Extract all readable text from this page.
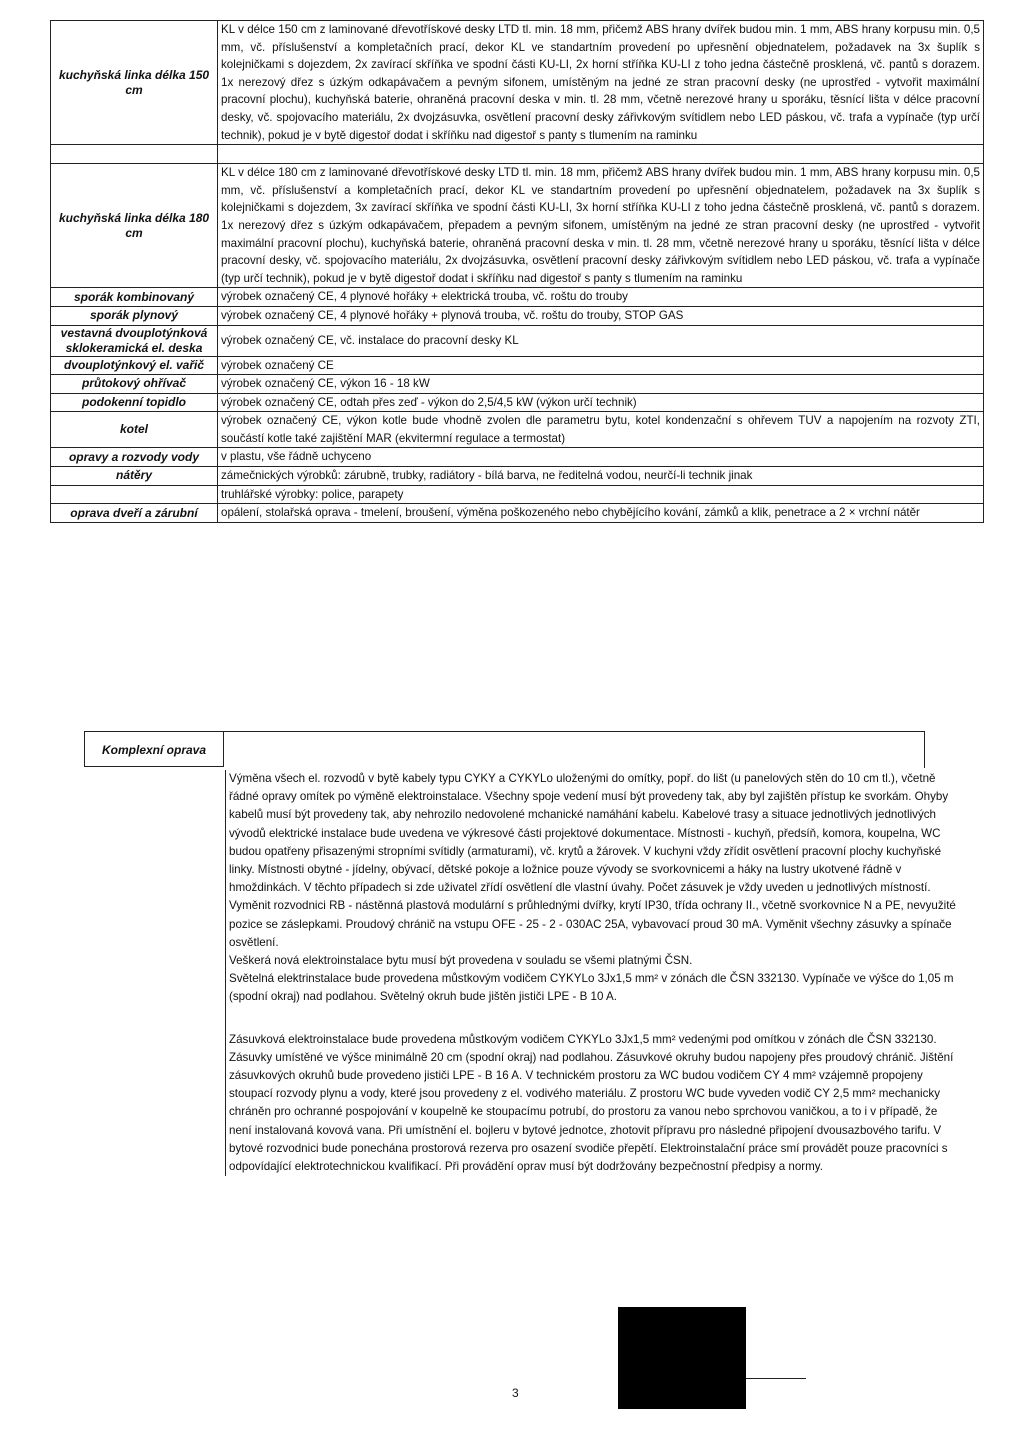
kuchyňská linka délka 150 cm	KL v délce 150 cm z laminované dřevotřískové desky LTD tl. min. 18 mm, přičemž ABS hrany dvířek budou min. 1 mm, ABS hrany korpusu min. 0,5 mm, vč. příslušenství a kompletačních prací, dekor KL ve standartním provedení po upřesnění objednatelem, požadavek na 3x šuplík s kolejničkami s dojezdem, 2x zavírací skříňka ve spodní části KU-LI, 2x horní stříňka KU-LI z toho jedna částečně prosklená, vč. pantů s dorazem. 1x nerezový dřez s úzkým odkapávačem a pevným sifonem, umístěným na jedné ze stran pracovní desky (ne uprostřed - vytvořit maximální pracovní plochu), kuchyňská baterie, ohraněná pracovní deska v min. tl. 28 mm, včetně nerezové hrany u sporáku, těsnící lišta v délce pracovní desky, vč. spojovacího materiálu, 2x dvojzásuvka, osvětlení pracovní desky zářivkovým svítidlem nebo LED páskou, vč. trafa a vypínače (typ určí technik), pokud je v bytě digestoř dodat i skříňku nad digestoř s panty s tlumením na raminku

kuchyňská linka délka 180 cm	KL v délce 180 cm z laminované dřevotřískové desky LTD tl. min. 18 mm, přičemž ABS hrany dvířek budou min. 1 mm, ABS hrany korpusu min. 0,5 mm, vč. příslušenství a kompletačních prací, dekor KL ve standartním provedení po upřesnění objednatelem, požadavek na 3x šuplík s kolejničkami s dojezdem, 3x zavírací skříňka ve spodní části KU-LI, 3x horní stříňka KU-LI z toho jedna částečně prosklená, vč. pantů s dorazem. 1x nerezový dřez s úzkým odkapávačem, přepadem a pevným sifonem, umístěným na jedné ze stran pracovní desky (ne uprostřed - vytvořit maximální pracovní plochu), kuchyňská baterie, ohraněná pracovní deska v min. tl. 28 mm, včetně nerezové hrany u sporáku, těsnící lišta v délce pracovní desky, vč. spojovacího materiálu, 2x dvojzásuvka, osvětlení pracovní desky zářivkovým svítidlem nebo LED páskou, vč. trafa a vypínače (typ určí technik), pokud je v bytě digestoř dodat i skříňku nad digestoř s panty s tlumením na raminku
sporák kombinovaný	výrobek označený CE, 4 plynové hořáky + elektrická trouba, vč. roštu do trouby
sporák plynový	výrobek označený CE, 4 plynové hořáky + plynová trouba, vč. roštu do trouby, STOP GAS
vestavná dvouplotýnková sklokeramická el. deska	výrobek označený CE, vč. instalace do pracovní desky KL
dvouplotýnkový el. vařič	výrobek označený CE
průtokový ohřívač	výrobek označený CE, výkon 16 - 18 kW
podokenní topidlo	výrobek označený CE, odtah přes zeď - výkon do 2,5/4,5 kW (výkon určí technik)
kotel	výrobek označený CE, výkon kotle bude vhodně zvolen dle parametru bytu, kotel kondenzační s ohřevem TUV a napojením na rozvoty ZTI, součástí kotle také zajištění MAR (ekvitermní regulace a termostat)
opravy a rozvody vody	v plastu, vše řádně uchyceno
nátěry	zámečnických výrobků: zárubně, trubky, radiátory - bílá barva, ne ředitelná vodou, neurčí-li technik jinak
	truhlářské výrobky: police, parapety
oprava dveří a zárubní	opálení, stolařská oprava - tmelení, broušení, výměna poškozeného nebo chybějícího kování, zámků a klik, penetrace a 2 × vrchní nátěr
Komplexní oprava

Výměna všech el. rozvodů v bytě kabely typu CYKY a CYKYLo uloženými do omítky, popř. do lišt (u panelových stěn do 10 cm tl.), včetně řádné opravy omítek po výměně elektroinstalace. Všechny spoje vedení musí být provedeny tak, aby byl zajištěn přístup ke svorkám. Ohyby kabelů musí být provedeny tak, aby nehrozilo nedovolené mchanické namáhání kabelu. Kabelové trasy a situace jednotlivých jednotlivých vývodů elektrické instalace bude uvedena ve výkresové části projektové dokumentace. Místnosti - kuchyň, předsíň, komora, koupelna, WC budou opatřeny přisazenými stropními svítidly (armaturami), vč. krytů a žárovek. V kuchyni vždy zřídit osvětlení pracovní plochy kuchyňské linky. Místnosti obytné - jídelny, obývací, dětské pokoje a ložnice pouze vývody se svorkovnicemi a háky na lustry ukotvené řádně v hmoždinkách. V těchto případech si zde uživatel zřídí osvětlení dle vlastní úvahy. Počet zásuvek je vždy uveden u jednotlivých místností. Vyměnit rozvodnici RB - nástěnná plastová modulární s průhlednými dvířky, krytí IP30, třída ochrany II., včetně svorkovnice N a PE, nevyužité pozice se záslepkami. Proudový chránič na vstupu OFE - 25 - 2 - 030AC 25A, vybavovací proud 30 mA. Vyměnit všechny zásuvky a spínače osvětlení.

Veškerá nová elektroinstalace bytu musí být provedena v souladu se všemi platnými ČSN.

Světelná elektrinstalace bude provedena můstkovým vodičem CYKYLo 3Jx1,5 mm² v zónách dle ČSN 332130. Vypínače ve výšce do 1,05 m (spodní okraj) nad podlahou. Světelný okruh bude jištěn jističi LPE - B 10 A.

Zásuvková elektroinstalace bude provedena můstkovým vodičem CYKYLo 3Jx1,5 mm² vedenými pod omítkou v zónách dle ČSN 332130. Zásuvky umístěné ve výšce minimálně 20 cm (spodní okraj) nad podlahou. Zásuvkové okruhy budou napojeny přes proudový chránič. Jištění zásuvkových okruhů bude provedeno jističi LPE - B 16 A. V technickém prostoru za WC budou vodičem CY 4 mm² vzájemně propojeny stoupací rozvody plynu a vody, které jsou provedeny z el. vodivého materiálu. Z prostoru WC bude vyveden vodič CY 2,5 mm² mechanicky chráněn pro ochranné pospojování v koupelně ke stoupacímu potrubí, do prostoru za vanou nebo sprchovou vaničkou, a to i v případě, že není instalovaná kovová vana. Při umístnění el. bojleru v bytové jednotce, zhotovit přípravu pro následné připojení dvousazbového tarifu. V bytové rozvodnici bude ponechána prostorová rezerva pro osazení svodiče přepětí. Elektroinstalační práce smí provádět pouze pracovníci s odpovídající elektrotechnickou kvalifikací. Při provádění oprav musí být dodržovány bezpečnostní předpisy a normy.

3
